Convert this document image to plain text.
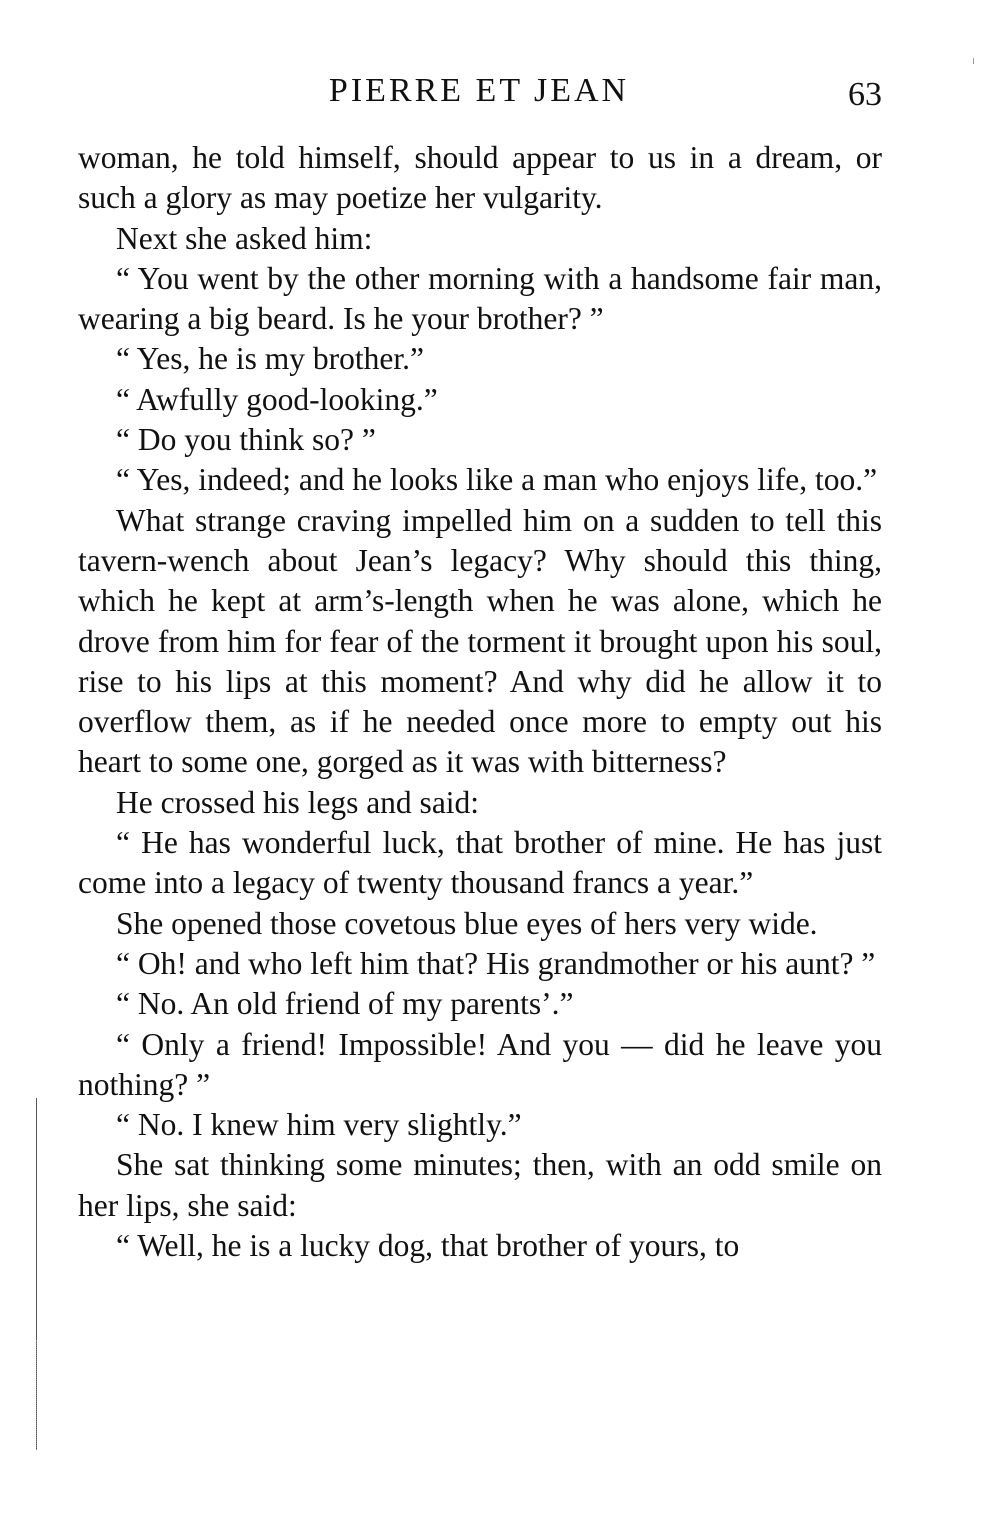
PIERRE ET JEAN	63

woman, he told himself, should appear to us in a dream, or such a glory as may poetize her vulgarity.

Next she asked him:

“ You went by the other morning with a handsome fair man, wearing a big beard. Is he your brother? ”

“ Yes, he is my brother.”

“ Awfully good-looking.”

“ Do you think so? ”

“ Yes, indeed; and he looks like a man who enjoys life, too.”

What strange craving impelled him on a sudden to tell this tavern-wench about Jean’s legacy? Why should this thing, which he kept at arm’s-length when he was alone, which he drove from him for fear of the torment it brought upon his soul, rise to his lips at this moment? And why did he allow it to overflow them, as if he needed once more to empty out his heart to some one, gorged as it was with bitterness?

He crossed his legs and said:

“ He has wonderful luck, that brother of mine. He has just come into a legacy of twenty thousand francs a year.”

She opened those covetous blue eyes of hers very wide.

“ Oh! and who left him that? His grandmother or his aunt? ”

“ No. An old friend of my parents’.”

“ Only a friend! Impossible! And you — did he leave you nothing? ”

“ No. I knew him very slightly.”

She sat thinking some minutes; then, with an odd smile on her lips, she said:

“ Well, he is a lucky dog, that brother of yours, to
